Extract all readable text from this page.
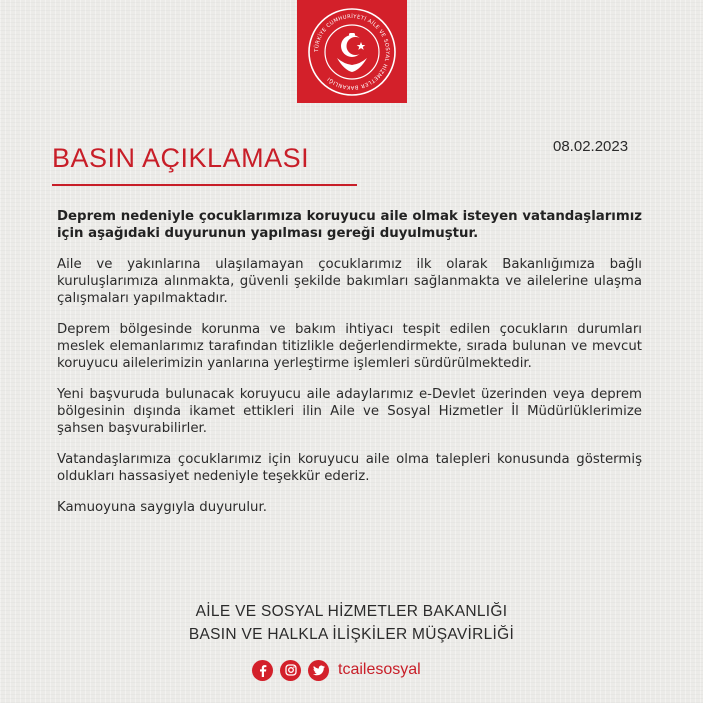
TÜRKİYE CUMHURİYETİ AİLE VE SOSYAL HİZMETLER BAKANLIĞI
BASIN AÇIKLAMASI	08.02.2023

Deprem nedeniyle çocuklarımıza koruyucu aile olmak isteyen vatandaşlarımız için aşağıdaki duyurunun yapılması gereği duyulmuştur.

Aile ve yakınlarına ulaşılamayan çocuklarımız ilk olarak Bakanlığımıza bağlı kuruluşlarımıza alınmakta, güvenli şekilde bakımları sağlanmakta ve ailelerine ulaşma çalışmaları yapılmaktadır.

Deprem bölgesinde korunma ve bakım ihtiyacı tespit edilen çocukların durumları meslek elemanlarımız tarafından titizlikle değerlendirmekte, sırada bulunan ve mevcut koruyucu ailelerimizin yanlarına yerleştirme işlemleri sürdürülmektedir.

Yeni başvuruda bulunacak koruyucu aile adaylarımız e-Devlet üzerinden veya deprem bölgesinin dışında ikamet ettikleri ilin Aile ve Sosyal Hizmetler İl Müdürlüklerimize şahsen başvurabilirler.

Vatandaşlarımıza çocuklarımız için koruyucu aile olma talepleri konusunda göstermiş oldukları hassasiyet nedeniyle teşekkür ederiz.

Kamuoyuna saygıyla duyurulur.

AİLE VE SOSYAL HİZMETLER BAKANLIĞI
BASIN VE HALKLA İLİŞKİLER MÜŞAVİRLİĞİ
tcailesosyal
